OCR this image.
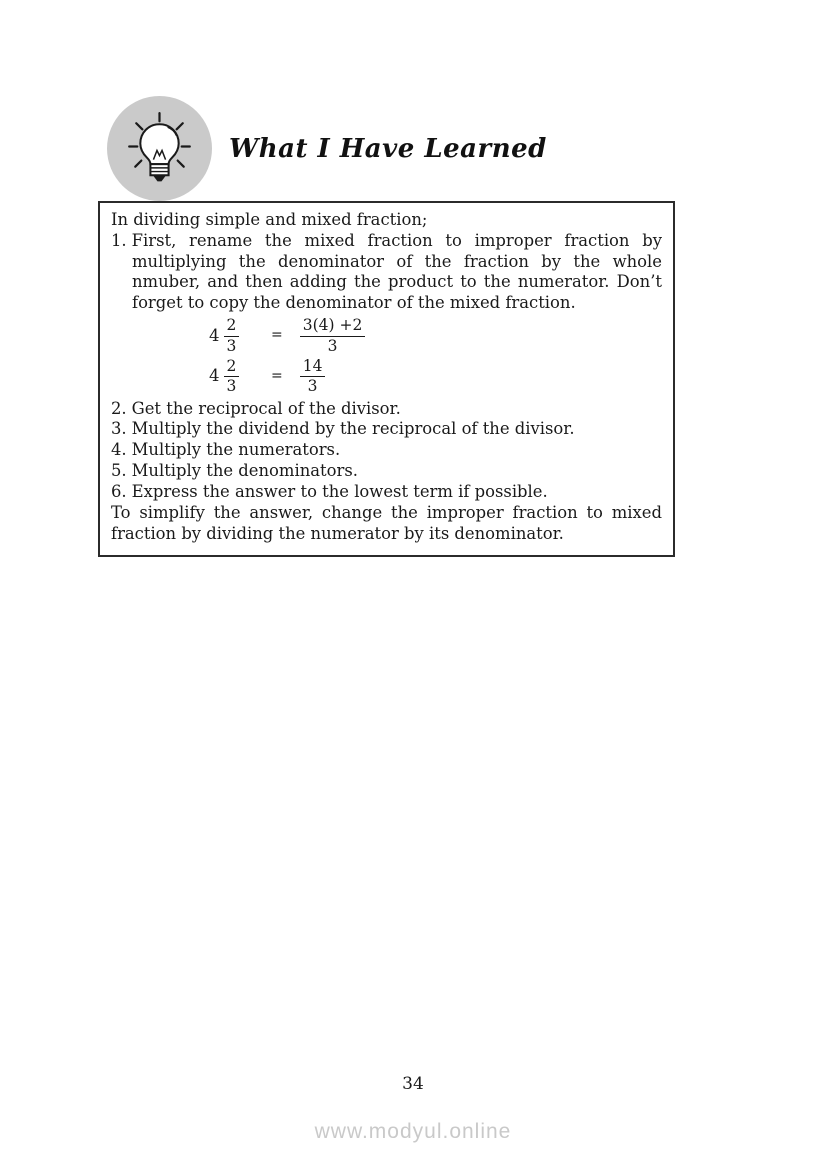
What I Have Learned

In dividing simple and mixed fraction;

1. First, rename the mixed fraction to improper fraction by multiplying the denominator of the fraction by the whole nmuber, and then adding the product to the numerator. Don’t forget to copy the denominator of the mixed fraction.
$4 \frac{2}{3} = \frac{3(4) +2}{3}$
$4 \frac{2}{3} = \frac{14}{3}$
2. Get the reciprocal of the divisor.
3. Multiply the dividend by the reciprocal of the divisor.
4. Multiply the numerators.
5. Multiply the denominators.
6. Express the answer to the lowest term if possible.

To simplify the answer, change the improper fraction to mixed fraction by dividing the numerator by its denominator.

34
www.modyul.online
